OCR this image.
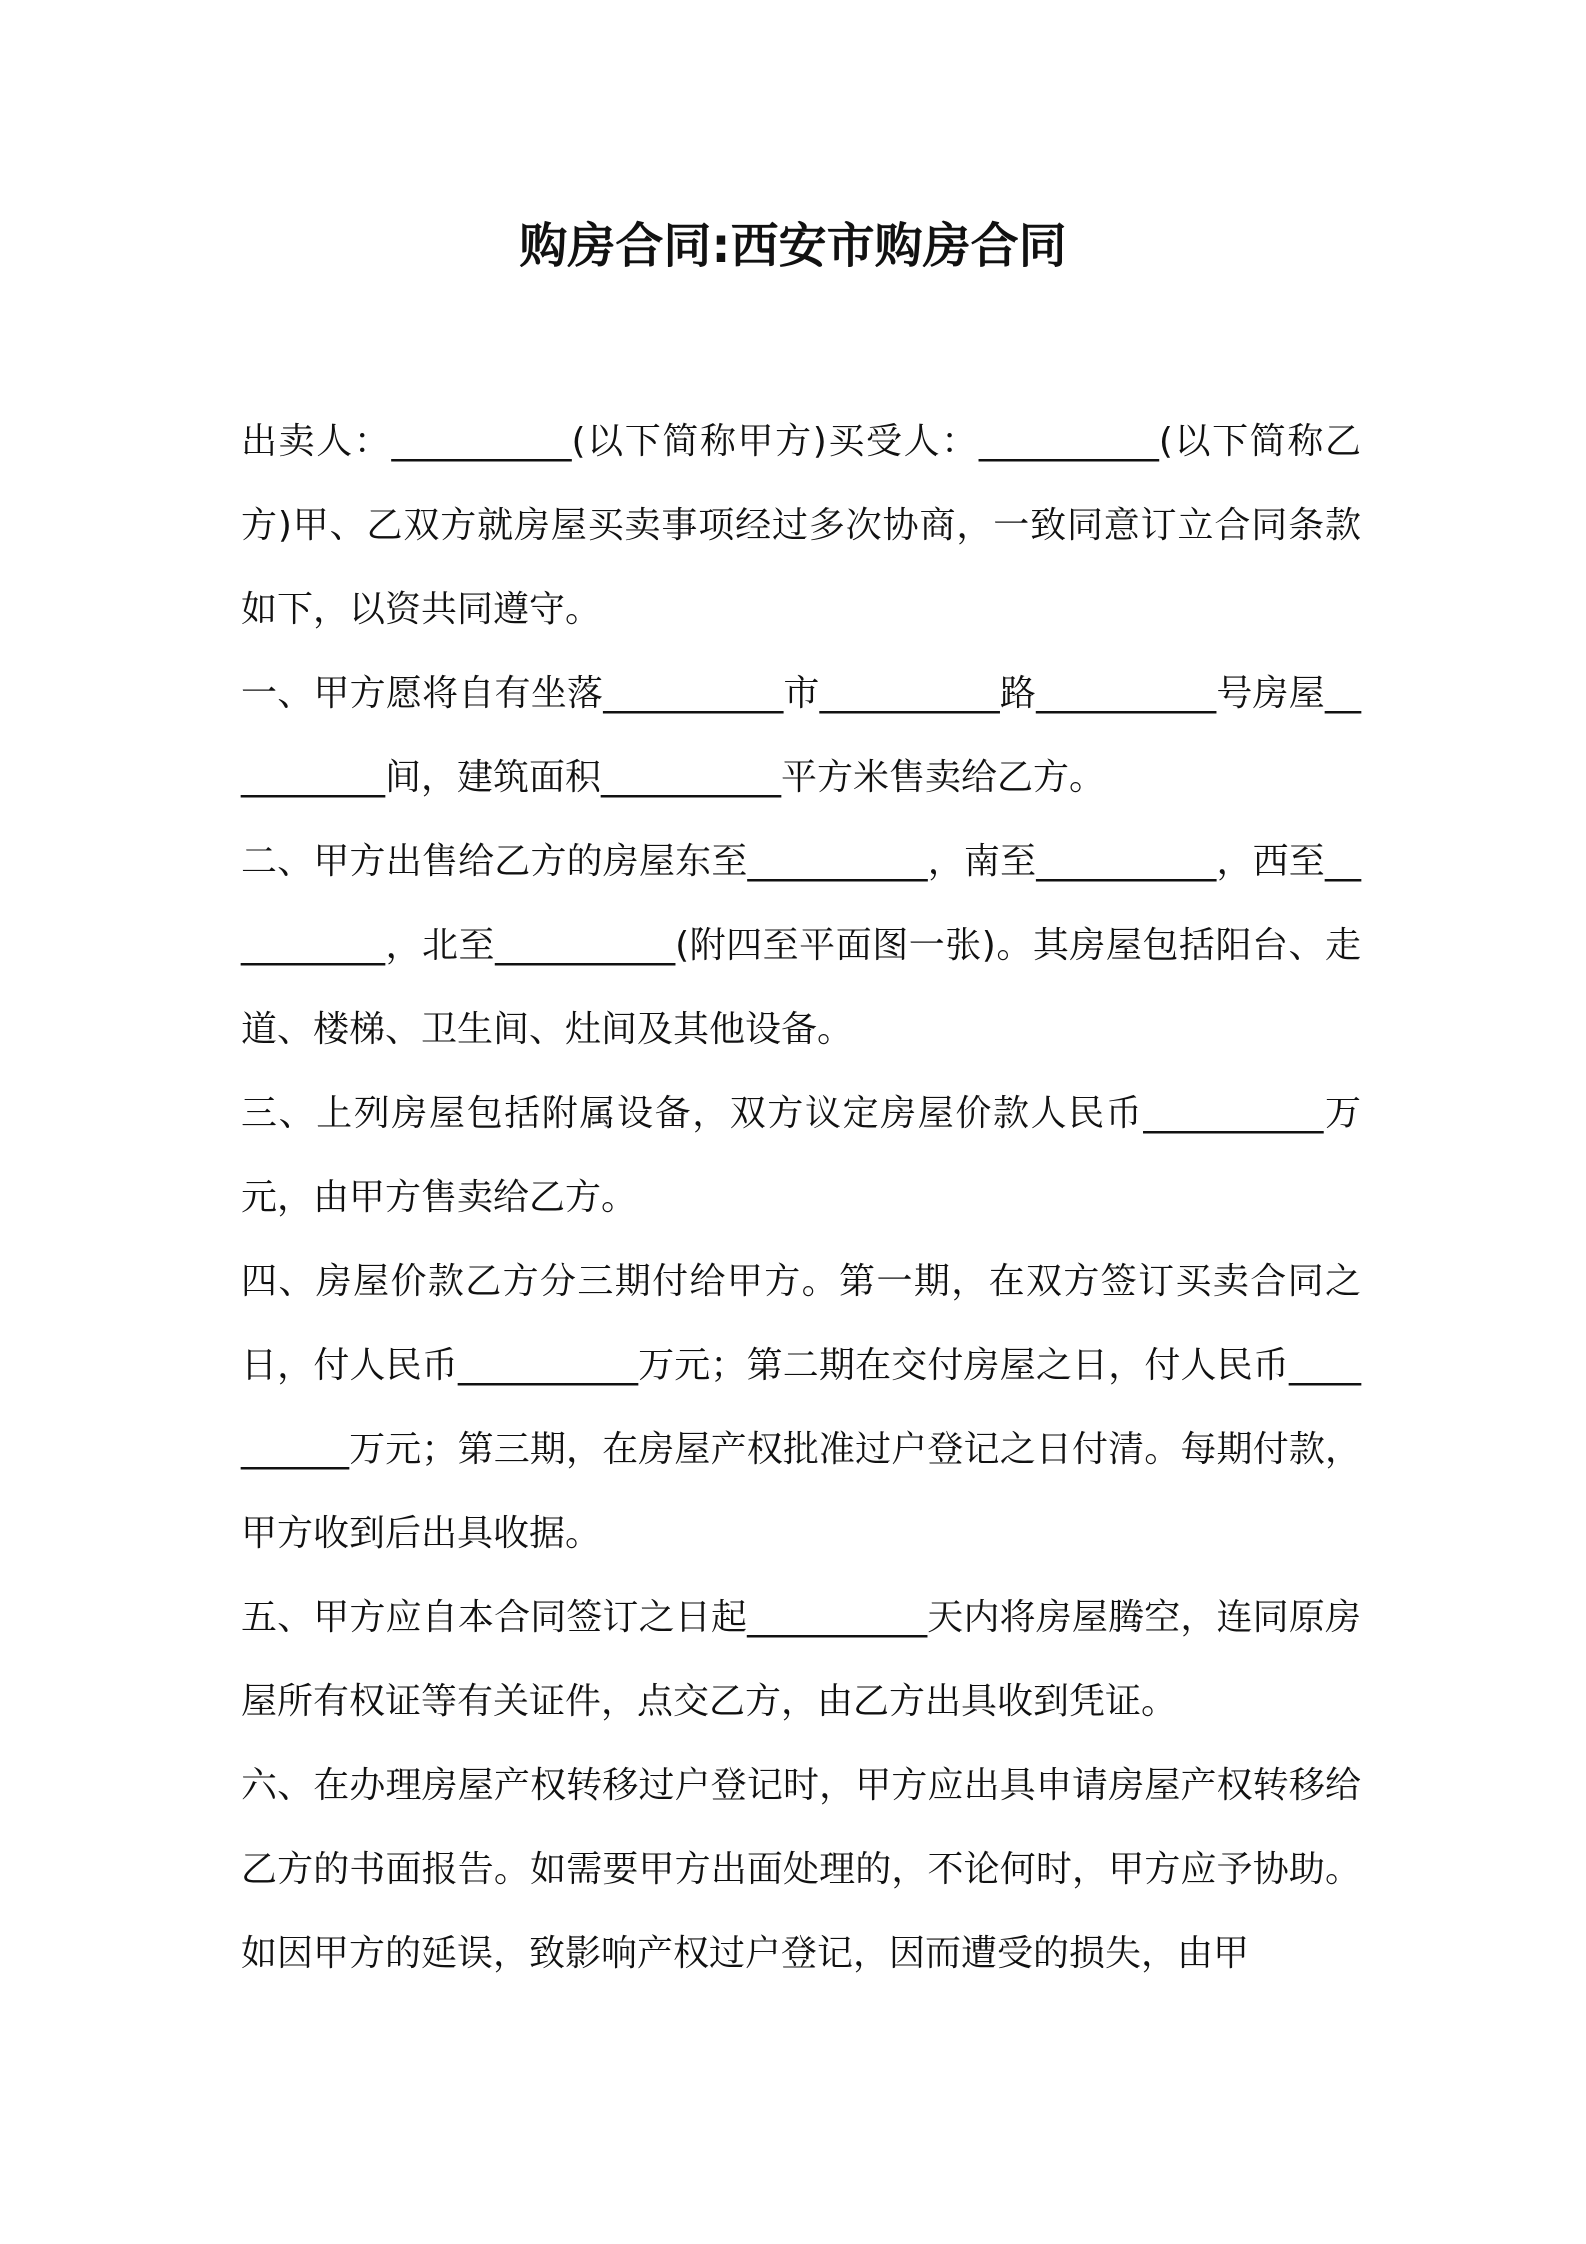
购房合同:西安市购房合同

出卖人：__________(以下简称甲方)买受人：__________(以下简称乙方)甲、乙双方就房屋买卖事项经过多次协商，一致同意订立合同条款如下，以资共同遵守。

一、甲方愿将自有坐落__________市__________路__________号房屋__________间，建筑面积__________平方米售卖给乙方。

二、甲方出售给乙方的房屋东至__________，南至__________，西至__________，北至__________(附四至平面图一张)。其房屋包括阳台、走道、楼梯、卫生间、灶间及其他设备。

三、上列房屋包括附属设备，双方议定房屋价款人民币__________万元，由甲方售卖给乙方。

四、房屋价款乙方分三期付给甲方。第一期，在双方签订买卖合同之日，付人民币__________万元；第二期在交付房屋之日，付人民币__________万元；第三期，在房屋产权批准过户登记之日付清。每期付款，甲方收到后出具收据。

五、甲方应自本合同签订之日起__________天内将房屋腾空，连同原房屋所有权证等有关证件，点交乙方，由乙方出具收到凭证。

六、在办理房屋产权转移过户登记时，甲方应出具申请房屋产权转移给乙方的书面报告。如需要甲方出面处理的，不论何时，甲方应予协助。如因甲方的延误，致影响产权过户登记，因而遭受的损失，由甲
